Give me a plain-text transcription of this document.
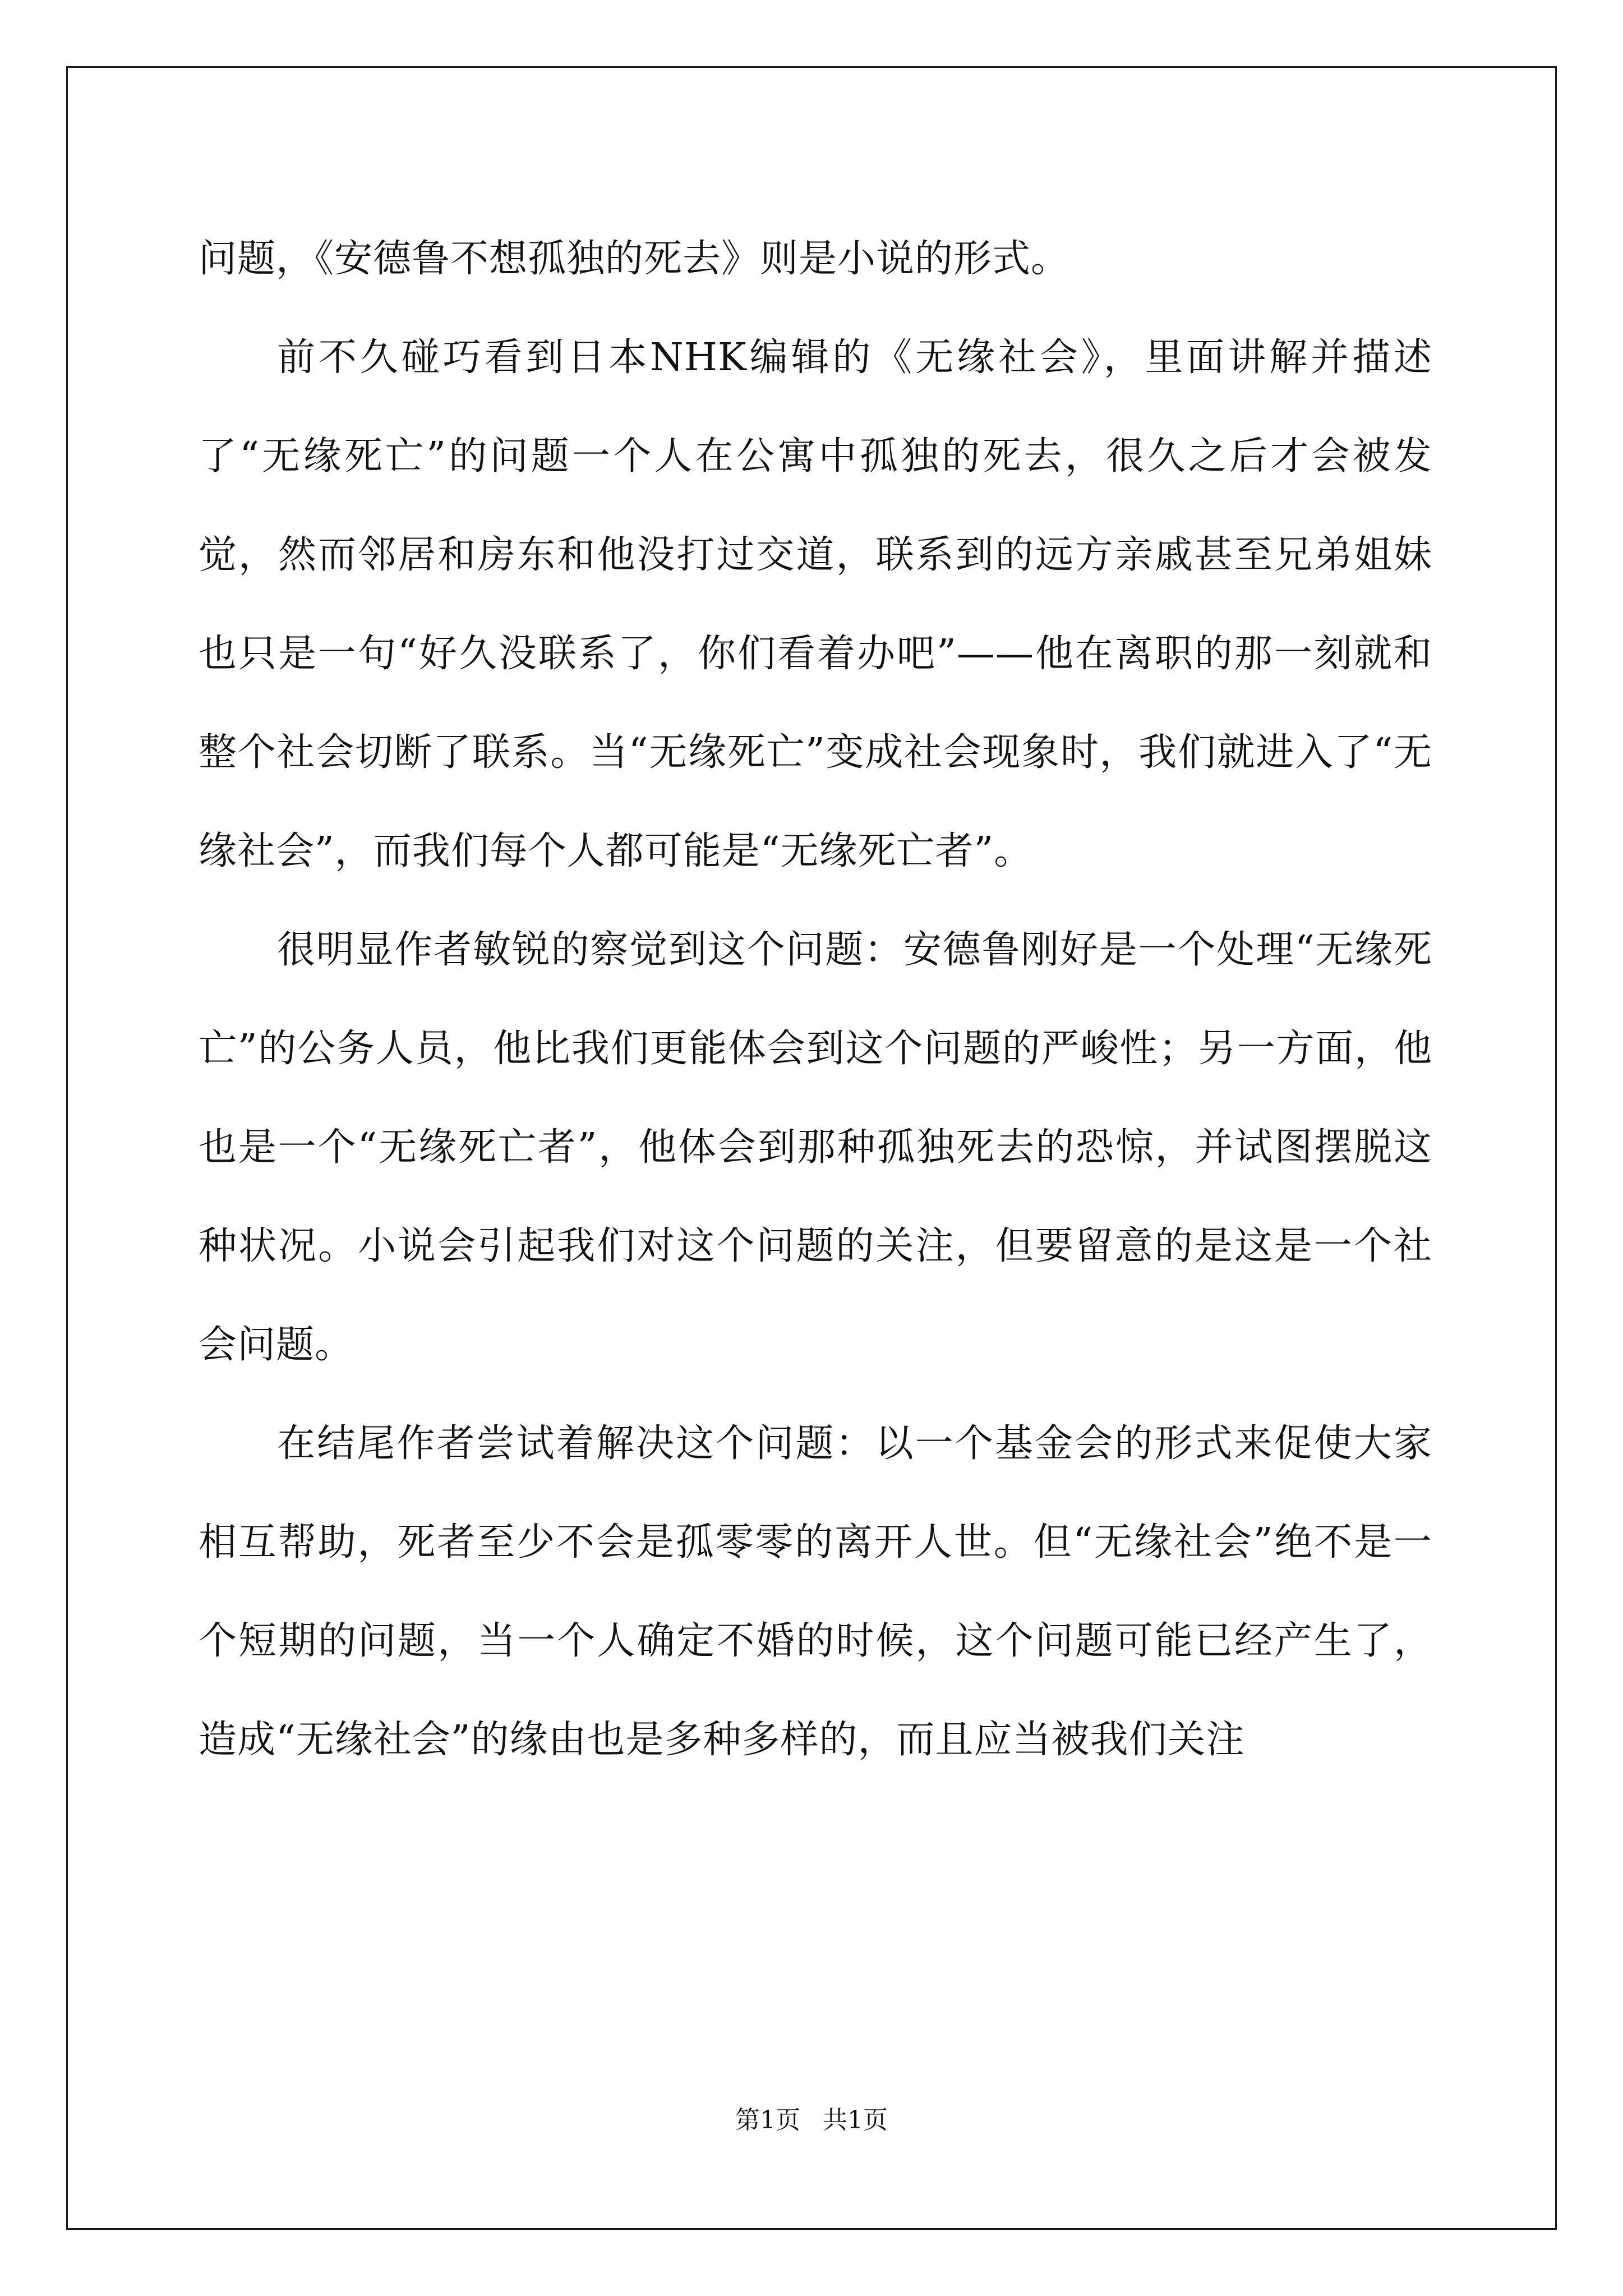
问题，《安德鲁不想孤独的死去》则是小说的形式。

前不久碰巧看到日本NHK编辑的《无缘社会》，里面讲解并描述了“无缘死亡”的问题一个人在公寓中孤独的死去，很久之后才会被发觉，然而邻居和房东和他没打过交道，联系到的远方亲戚甚至兄弟姐妹也只是一句“好久没联系了，你们看着办吧”——他在离职的那一刻就和整个社会切断了联系。当“无缘死亡”变成社会现象时，我们就进入了“无缘社会”，而我们每个人都可能是“无缘死亡者”。

很明显作者敏锐的察觉到这个问题：安德鲁刚好是一个处理“无缘死亡”的公务人员，他比我们更能体会到这个问题的严峻性；另一方面，他也是一个“无缘死亡者”，他体会到那种孤独死去的恐惊，并试图摆脱这种状况。小说会引起我们对这个问题的关注，但要留意的是这是一个社会问题。

在结尾作者尝试着解决这个问题：以一个基金会的形式来促使大家相互帮助，死者至少不会是孤零零的离开人世。但“无缘社会”绝不是一个短期的问题，当一个人确定不婚的时候，这个问题可能已经产生了，造成“无缘社会”的缘由也是多种多样的，而且应当被我们关注

第1页 共1页
